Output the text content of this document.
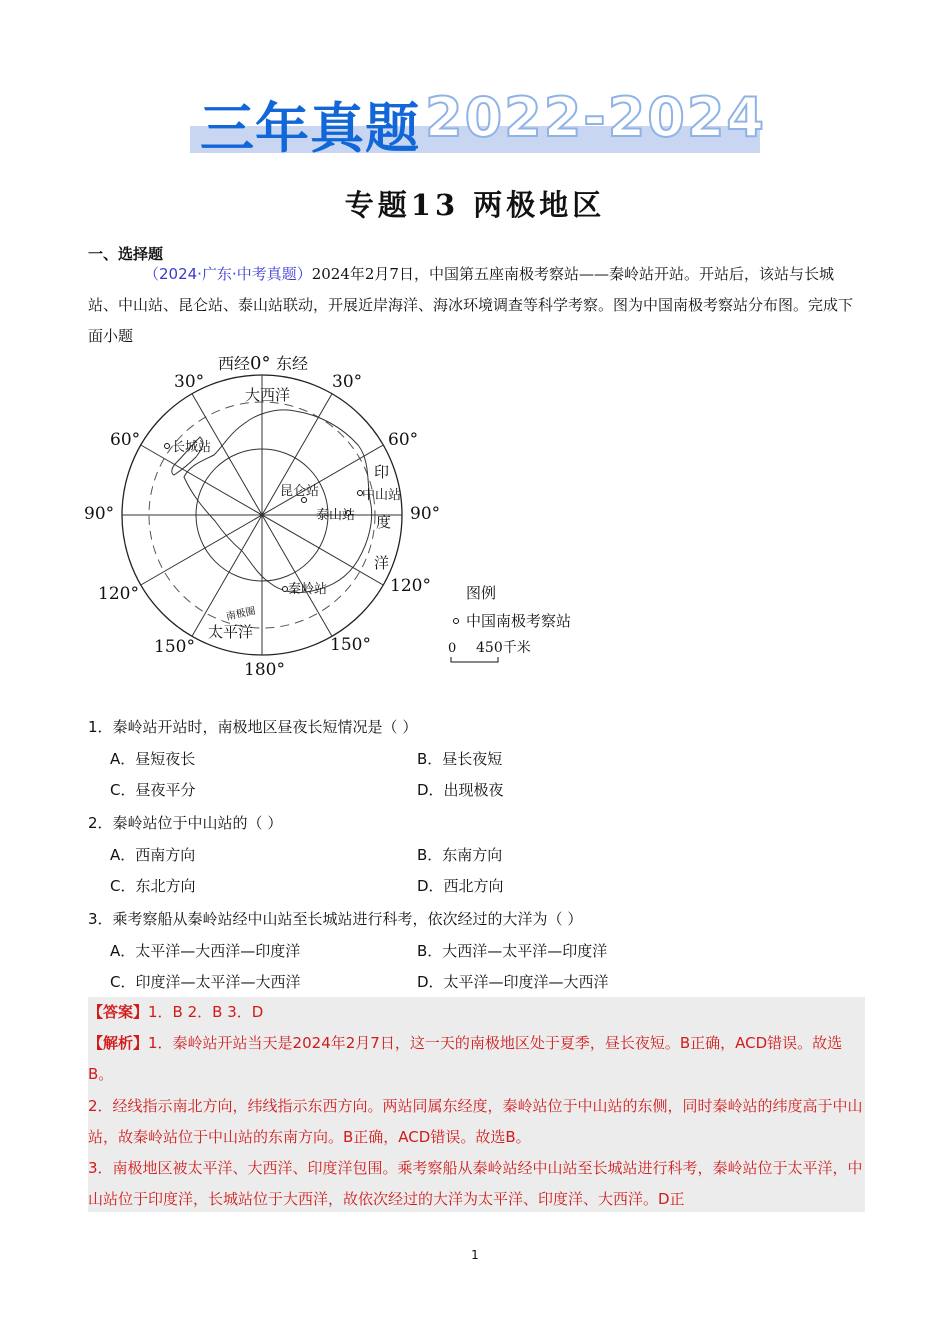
三年真题 2022-2024
专题13 两极地区
一、选择题

（2024·广东·中考真题）2024年2月7日，中国第五座南极考察站——秦岭站开站。开站后，该站与长城站、中山站、昆仑站、泰山站联动，开展近岸海洋、海冰环境调查等科学考察。图为中国南极考察站分布图。完成下面小题

西经 0° 东经
30°	30°
60°	60°
90°	90°
120°	120°
150°	150°
180°
大西洋
太平洋
印
度
洋
南极圈
长城站
昆仑站	中山站
泰山站
秦岭站	图例
中国南极考察站
0 450千米
1．秦岭站开站时，南极地区昼夜长短情况是（ ）
A．昼短夜长	B．昼长夜短
C．昼夜平分	D．出现极夜
2．秦岭站位于中山站的（ ）
A．西南方向	B．东南方向
C．东北方向	D．西北方向
3．乘考察船从秦岭站经中山站至长城站进行科考，依次经过的大洋为（ ）
A．太平洋—大西洋—印度洋	B．大西洋—太平洋—印度洋
C．印度洋—太平洋—大西洋	D．太平洋—印度洋—大西洋

【答案】1．B 2．B 3．D

【解析】1．秦岭站开站当天是2024年2月7日，这一天的南极地区处于夏季，昼长夜短。B正确，ACD错误。故选B。

2．经线指示南北方向，纬线指示东西方向。两站同属东经度，秦岭站位于中山站的东侧，同时秦岭站的纬度高于中山站，故秦岭站位于中山站的东南方向。B正确，ACD错误。故选B。

3．南极地区被太平洋、大西洋、印度洋包围。乘考察船从秦岭站经中山站至长城站进行科考，秦岭站位于太平洋，中山站位于印度洋，长城站位于大西洋，故依次经过的大洋为太平洋、印度洋、大西洋。D正

1
